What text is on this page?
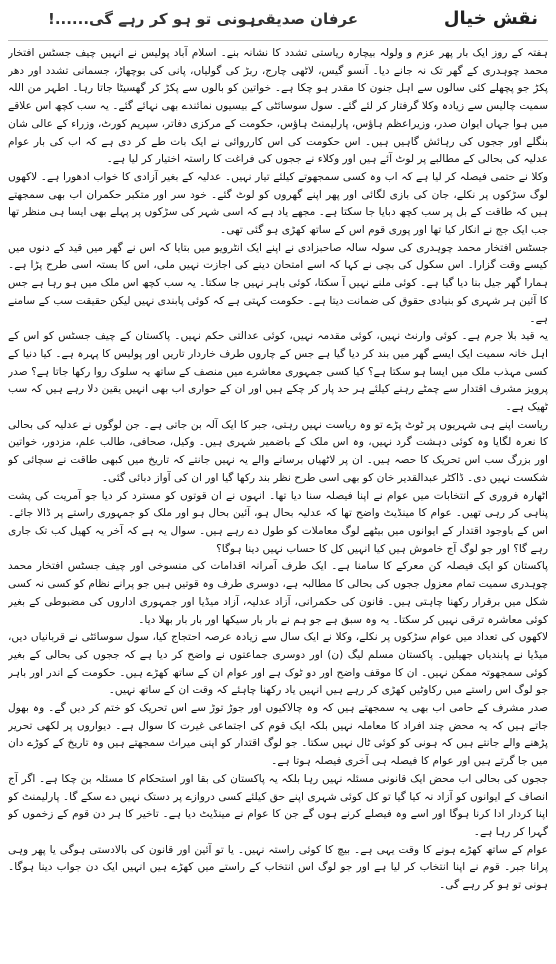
نقش خیال
عرفان صدیقی
ہونی تو ہو کر رہے گی......!

ہفتہ کے روز ایک بار پھر عزم و ولولہ بیچارہ ریاستی تشدد کا نشانہ بنے۔ اسلام آباد پولیس نے انہیں چیف جسٹس افتخار محمد چوہدری کے گھر تک نہ جانے دیا۔ آنسو گیس، لاٹھی چارج، ربڑ کی گولیاں، پانی کی بوچھاڑ، جسمانی تشدد اور دھر پکڑ جو پچھلے کئی سالوں سے اہل جنون کا مقدر ہو چکا ہے۔ خواتین کو بالوں سے پکڑ کر گھسیٹا جاتا رہا۔ اطہر من اللہ سمیت چالیس سے زیادہ وکلا گرفتار کر لئے گئے۔ سول سوسائٹی کے بیسیوں نمائندے بھی نہائے گئے۔ یہ سب کچھ اس علاقے میں ہوا جہاں ایوان صدر، وزیراعظم ہاؤس، پارلیمنٹ ہاؤس، حکومت کے مرکزی دفاتر، سپریم کورٹ، وزراء کے عالی شان بنگلے اور ججوں کی رہائش گاہیں ہیں۔ اس حکومت کی اس کارروائی نے ایک بات طے کر دی ہے کہ اب کی بار عوام عدلیہ کی بحالی کے مطالبے پر لوٹ آئے ہیں اور وکلاء نے ججوں کی فراغت کا راستہ اختیار کر لیا ہے۔

وکلا نے حتمی فیصلہ کر لیا ہے کہ اب وہ کسی سمجھوتے کیلئے تیار نہیں۔ عدلیہ کے بغیر آزادی کا خواب ادھورا ہے۔ لاکھوں لوگ سڑکوں پر نکلے، جان کی بازی لگائی اور پھر اپنے گھروں کو لوٹ گئے۔ خود سر اور متکبر حکمران اب بھی سمجھتے ہیں کہ طاقت کے بل پر سب کچھ دبایا جا سکتا ہے۔ مجھے یاد ہے کہ اسی شہر کی سڑکوں پر پہلے بھی ایسا ہی منظر تھا جب ایک جج نے انکار کیا تھا اور پوری قوم اس کے ساتھ کھڑی ہو گئی تھی۔

جسٹس افتخار محمد چوہدری کی سولہ سالہ صاحبزادی نے اپنے ایک انٹرویو میں بتایا کہ اس نے گھر میں قید کے دنوں میں کیسے وقت گزارا۔ اس سکول کی بچی نے کہا کہ اسے امتحان دینے کی اجازت نہیں ملی، اس کا بستہ اسی طرح پڑا ہے۔ ہمارا گھر جیل بنا دیا گیا ہے۔ کوئی ملنے نہیں آ سکتا، کوئی باہر نہیں جا سکتا۔ یہ سب کچھ اس ملک میں ہو رہا ہے جس کا آئین ہر شہری کو بنیادی حقوق کی ضمانت دیتا ہے۔ حکومت کہتی ہے کہ کوئی پابندی نہیں لیکن حقیقت سب کے سامنے ہے۔

یہ قید بلا جرم ہے۔ کوئی وارنٹ نہیں، کوئی مقدمہ نہیں، کوئی عدالتی حکم نہیں۔ پاکستان کے چیف جسٹس کو اس کے اہل خانہ سمیت ایک ایسے گھر میں بند کر دیا گیا ہے جس کے چاروں طرف خاردار تاریں اور پولیس کا پہرہ ہے۔ کیا دنیا کے کسی مہذب ملک میں ایسا ہو سکتا ہے؟ کیا کسی جمہوری معاشرے میں منصف کے ساتھ یہ سلوک روا رکھا جاتا ہے؟ صدر پرویز مشرف اقتدار سے چمٹے رہنے کیلئے ہر حد پار کر چکے ہیں اور ان کے حواری اب بھی انہیں یقین دلا رہے ہیں کہ سب ٹھیک ہے۔

ریاست اپنے ہی شہریوں پر ٹوٹ پڑے تو وہ ریاست نہیں رہتی، جبر کا ایک آلہ بن جاتی ہے۔ جن لوگوں نے عدلیہ کی بحالی کا نعرہ لگایا وہ کوئی دہشت گرد نہیں، وہ اس ملک کے باضمیر شہری ہیں۔ وکیل، صحافی، طالب علم، مزدور، خواتین اور بزرگ سب اس تحریک کا حصہ ہیں۔ ان پر لاٹھیاں برسانے والے یہ نہیں جانتے کہ تاریخ میں کبھی طاقت نے سچائی کو شکست نہیں دی۔ ڈاکٹر عبدالقدیر خان کو بھی اسی طرح نظر بند رکھا گیا اور ان کی آواز دبائی گئی۔

اٹھارہ فروری کے انتخابات میں عوام نے اپنا فیصلہ سنا دیا تھا۔ انہوں نے ان قوتوں کو مسترد کر دیا جو آمریت کی پشت پناہی کر رہی تھیں۔ عوام کا مینڈیٹ واضح تھا کہ عدلیہ بحال ہو، آئین بحال ہو اور ملک کو جمہوری راستے پر ڈالا جائے۔ اس کے باوجود اقتدار کے ایوانوں میں بیٹھے لوگ معاملات کو طول دے رہے ہیں۔ سوال یہ ہے کہ آخر یہ کھیل کب تک جاری رہے گا؟ اور جو لوگ آج خاموش ہیں کیا انہیں کل کا حساب نہیں دینا ہوگا؟

پاکستان کو ایک فیصلہ کن معرکے کا سامنا ہے۔ ایک طرف آمرانہ اقدامات کی منسوخی اور چیف جسٹس افتخار محمد چوہدری سمیت تمام معزول ججوں کی بحالی کا مطالبہ ہے، دوسری طرف وہ قوتیں ہیں جو پرانے نظام کو کسی نہ کسی شکل میں برقرار رکھنا چاہتی ہیں۔ قانون کی حکمرانی، آزاد عدلیہ، آزاد میڈیا اور جمہوری اداروں کی مضبوطی کے بغیر کوئی معاشرہ ترقی نہیں کر سکتا۔ یہ وہ سبق ہے جو ہم نے بار بار سیکھا اور بار بار بھلا دیا۔

لاکھوں کی تعداد میں عوام سڑکوں پر نکلے، وکلا نے ایک سال سے زیادہ عرصہ احتجاج کیا، سول سوسائٹی نے قربانیاں دیں، میڈیا نے پابندیاں جھیلیں۔ پاکستان مسلم لیگ (ن) اور دوسری جماعتوں نے واضح کر دیا ہے کہ ججوں کی بحالی کے بغیر کوئی سمجھوتہ ممکن نہیں۔ ان کا موقف واضح اور دو ٹوک ہے اور عوام ان کے ساتھ کھڑے ہیں۔ حکومت کے اندر اور باہر جو لوگ اس راستے میں رکاوٹیں کھڑی کر رہے ہیں انہیں یاد رکھنا چاہئے کہ وقت ان کے ساتھ نہیں۔

صدر مشرف کے حامی اب بھی یہ سمجھتے ہیں کہ وہ چالاکیوں اور جوڑ توڑ سے اس تحریک کو ختم کر دیں گے۔ وہ بھول جاتے ہیں کہ یہ محض چند افراد کا معاملہ نہیں بلکہ ایک قوم کی اجتماعی غیرت کا سوال ہے۔ دیواروں پر لکھی تحریر پڑھنے والے جانتے ہیں کہ ہونی کو کوئی ٹال نہیں سکتا۔ جو لوگ اقتدار کو اپنی میراث سمجھتے ہیں وہ تاریخ کے کوڑے دان میں جا گرتے ہیں اور عوام کا فیصلہ ہی آخری فیصلہ ہوتا ہے۔

ججوں کی بحالی اب محض ایک قانونی مسئلہ نہیں رہا بلکہ یہ پاکستان کی بقا اور استحکام کا مسئلہ بن چکا ہے۔ اگر آج انصاف کے ایوانوں کو آزاد نہ کیا گیا تو کل کوئی شہری اپنے حق کیلئے کسی دروازے پر دستک نہیں دے سکے گا۔ پارلیمنٹ کو اپنا کردار ادا کرنا ہوگا اور اسے وہ فیصلے کرنے ہوں گے جن کا عوام نے مینڈیٹ دیا ہے۔ تاخیر کا ہر دن قوم کے زخموں کو گہرا کر رہا ہے۔

عوام کے ساتھ کھڑے ہونے کا وقت یہی ہے۔ بیچ کا کوئی راستہ نہیں۔ یا تو آئین اور قانون کی بالادستی ہوگی یا پھر وہی پرانا جبر۔ قوم نے اپنا انتخاب کر لیا ہے اور جو لوگ اس انتخاب کے راستے میں کھڑے ہیں انہیں ایک دن جواب دینا ہوگا۔ ہونی تو ہو کر رہے گی۔
